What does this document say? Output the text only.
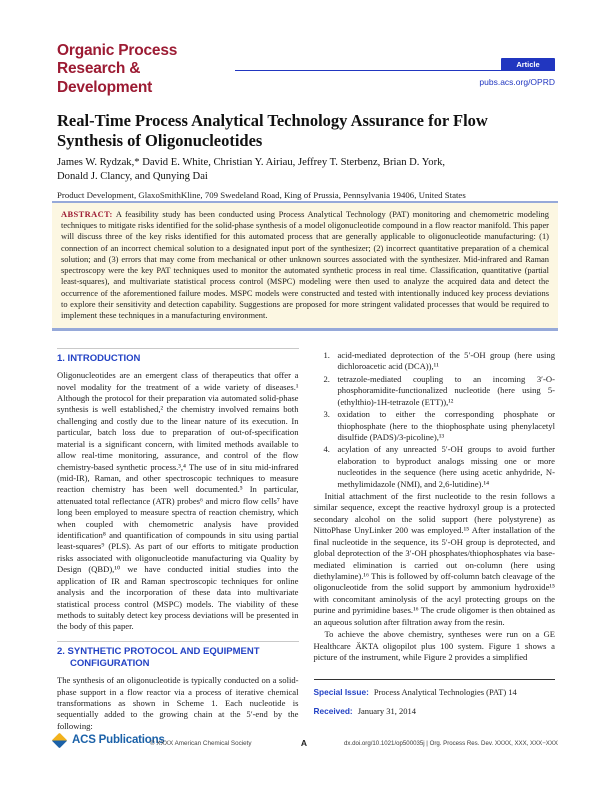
Organic Process
Research &
Development
Article
pubs.acs.org/OPRD
Real-Time Process Analytical Technology Assurance for Flow
Synthesis of Oligonucleotides
James W. Rydzak,* David E. White, Christian Y. Airiau, Jeffrey T. Sterbenz, Brian D. York,
Donald J. Clancy, and Qunying Dai
Product Development, GlaxoSmithKline, 709 Swedeland Road, King of Prussia, Pennsylvania 19406, United States
ABSTRACT: A feasibility study has been conducted using Process Analytical Technology (PAT) monitoring and chemometric modeling techniques to mitigate risks identified for the solid-phase synthesis of a model oligonucleotide compound in a flow reactor manifold. This paper will discuss three of the key risks identified for this automated process that are generally applicable to oligonucleotide manufacturing: (1) connection of an incorrect chemical solution to a designated input port of the synthesizer; (2) incorrect quantitative preparation of a chemical solution; and (3) errors that may come from mechanical or other unknown sources associated with the synthesizer. Mid-infrared and Raman spectroscopy were the key PAT techniques used to monitor the automated synthetic process in real time. Classification, quantitative (partial least-squares), and multivariate statistical process control (MSPC) modeling were then used to analyze the acquired data and detect the occurrence of the aforementioned failure modes. MSPC models were constructed and tested with intentionally induced key process deviations to explore their sensitivity and detection capability. Suggestions are proposed for more stringent validated processes that would be required to implement these techniques in a manufacturing environment.
1. INTRODUCTION

Oligonucleotides are an emergent class of therapeutics that offer a novel modality for the treatment of a wide variety of diseases.¹ Although the protocol for their preparation via automated solid-phase synthesis is well established,² the chemistry involved remains both challenging and costly due to the linear nature of its execution. In particular, batch loss due to preparation of out-of-specification material is a significant concern, with limited methods available to allow real-time monitoring, assurance, and control of the flow chemistry-based synthetic process.³,⁴ The use of in situ mid-infrared (mid-IR), Raman, and other spectroscopic techniques to measure reaction chemistry has been well documented.⁵ In particular, attenuated total reflectance (ATR) probes⁶ and micro flow cells⁷ have long been employed to measure spectra of reaction chemistry, which when coupled with chemometric analysis have provided identification⁸ and quantification of compounds in situ using partial least-squares⁹ (PLS). As part of our efforts to mitigate production risks associated with oligonucleotide manufacturing via Quality by Design (QBD),¹⁰ we have conducted initial studies into the application of IR and Raman spectroscopic techniques for online analysis and the incorporation of these data into multivariate statistical process control (MSPC) models. The viability of these methods to suitably detect key process deviations will be presented in the body of this paper.

2. SYNTHETIC PROTOCOL AND EQUIPMENT CONFIGURATION

The synthesis of an oligonucleotide is typically conducted on a solid-phase support in a flow reactor via a process of iterative chemical transformations as shown in Scheme 1. Each nucleotide is sequentially added to the growing chain at the 5′-end by the following:

1. acid-mediated deprotection of the 5′-OH group (here using dichloroacetic acid (DCA)),¹¹
2. tetrazole-mediated coupling to an incoming 3′-O-phosphoramidite-functionalized nucleotide (here using 5-(ethylthio)-1H-tetrazole (ETT)),¹²
3. oxidation to either the corresponding phosphate or thiophosphate (here to the thiophosphate using phenylacetyl disulfide (PADS)/3-picoline),¹³
4. acylation of any unreacted 5′-OH groups to avoid further elaboration to byproduct analogs missing one or more nucleotides in the sequence (here using acetic anhydride, N-methylimidazole (NMI), and 2,6-lutidine).¹⁴

Initial attachment of the first nucleotide to the resin follows a similar sequence, except the reactive hydroxyl group is a protected secondary alcohol on the solid support (here polystyrene) as NittoPhase UnyLinker 200 was employed.¹⁵ After installation of the final nucleotide in the sequence, its 5′-OH group is deprotected, and global deprotection of the 3′-OH phosphates/thiophosphates via base-mediated elimination is carried out on-column (here using diethylamine).¹⁶ This is followed by off-column batch cleavage of the oligonucleotide from the solid support by ammonium hydroxide¹⁵ with concomitant aminolysis of the acyl protecting groups on the purine and pyrimidine bases.¹⁶ The crude oligomer is then obtained as an aqueous solution after filtration away from the resin.

To achieve the above chemistry, syntheses were run on a GE Healthcare ÄKTA oligopilot plus 100 system. Figure 1 shows a picture of the instrument, while Figure 2 provides a simplified

Special Issue: Process Analytical Technologies (PAT) 14
Received: January 31, 2014
ACS Publications
© XXXX American Chemical Society	A	dx.doi.org/10.1021/op500035j | Org. Process Res. Dev. XXXX, XXX, XXX−XXX
